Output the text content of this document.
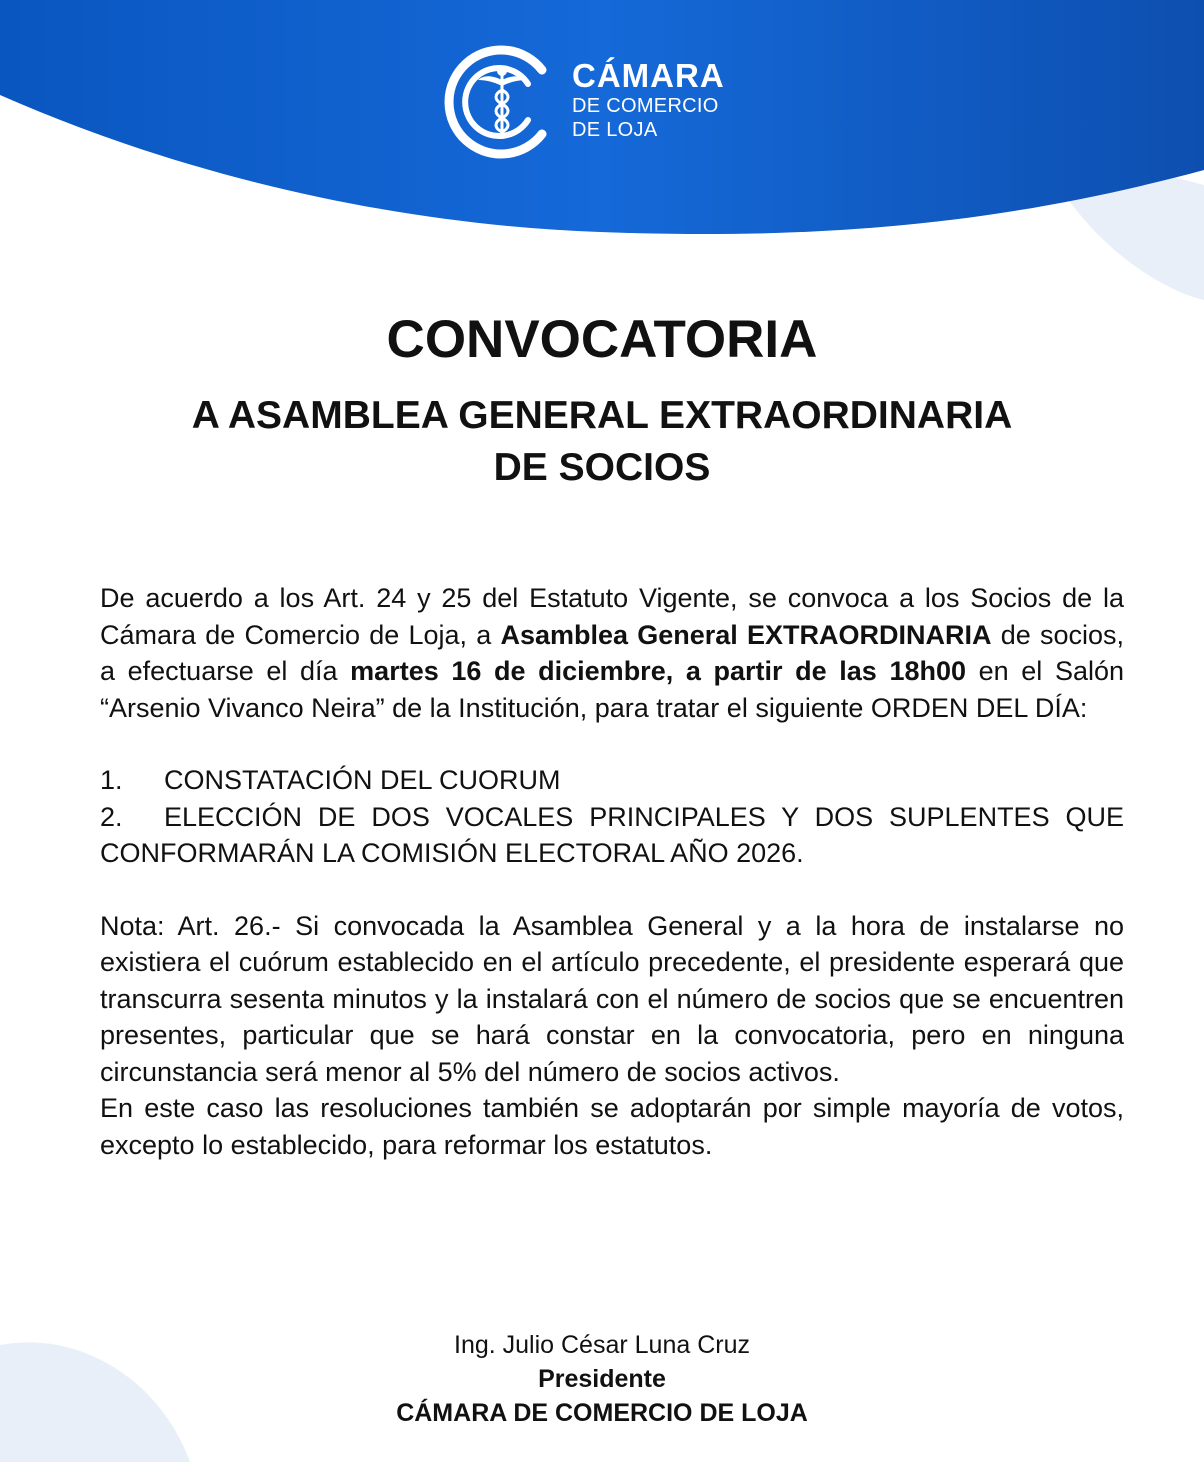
CÁMARA
DE COMERCIO
DE LOJA
CONVOCATORIA
A ASAMBLEA GENERAL EXTRAORDINARIA
DE SOCIOS

De acuerdo a los Art. 24 y 25 del Estatuto Vigente, se convoca a los Socios de la Cámara de Comercio de Loja, a Asamblea General EXTRAORDINARIA de socios, a efectuarse el día martes 16 de diciembre, a partir de las 18h00 en el Salón “Arsenio Vivanco Neira” de la Institución, para tratar el siguiente ORDEN DEL DÍA:

1. CONSTATACIÓN DEL CUORUM

2. ELECCIÓN DE DOS VOCALES PRINCIPALES Y DOS SUPLENTES QUE CONFORMARÁN LA COMISIÓN ELECTORAL AÑO 2026.

Nota: Art. 26.- Si convocada la Asamblea General y a la hora de instalarse no existiera el cuórum establecido en el artículo precedente, el presidente esperará que transcurra sesenta minutos y la instalará con el número de socios que se encuentren presentes, particular que se hará constar en la convocatoria, pero en ninguna circunstancia será menor al 5% del número de socios activos.

En este caso las resoluciones también se adoptarán por simple mayoría de votos, excepto lo establecido, para reformar los estatutos.

Ing. Julio César Luna Cruz
Presidente
CÁMARA DE COMERCIO DE LOJA
